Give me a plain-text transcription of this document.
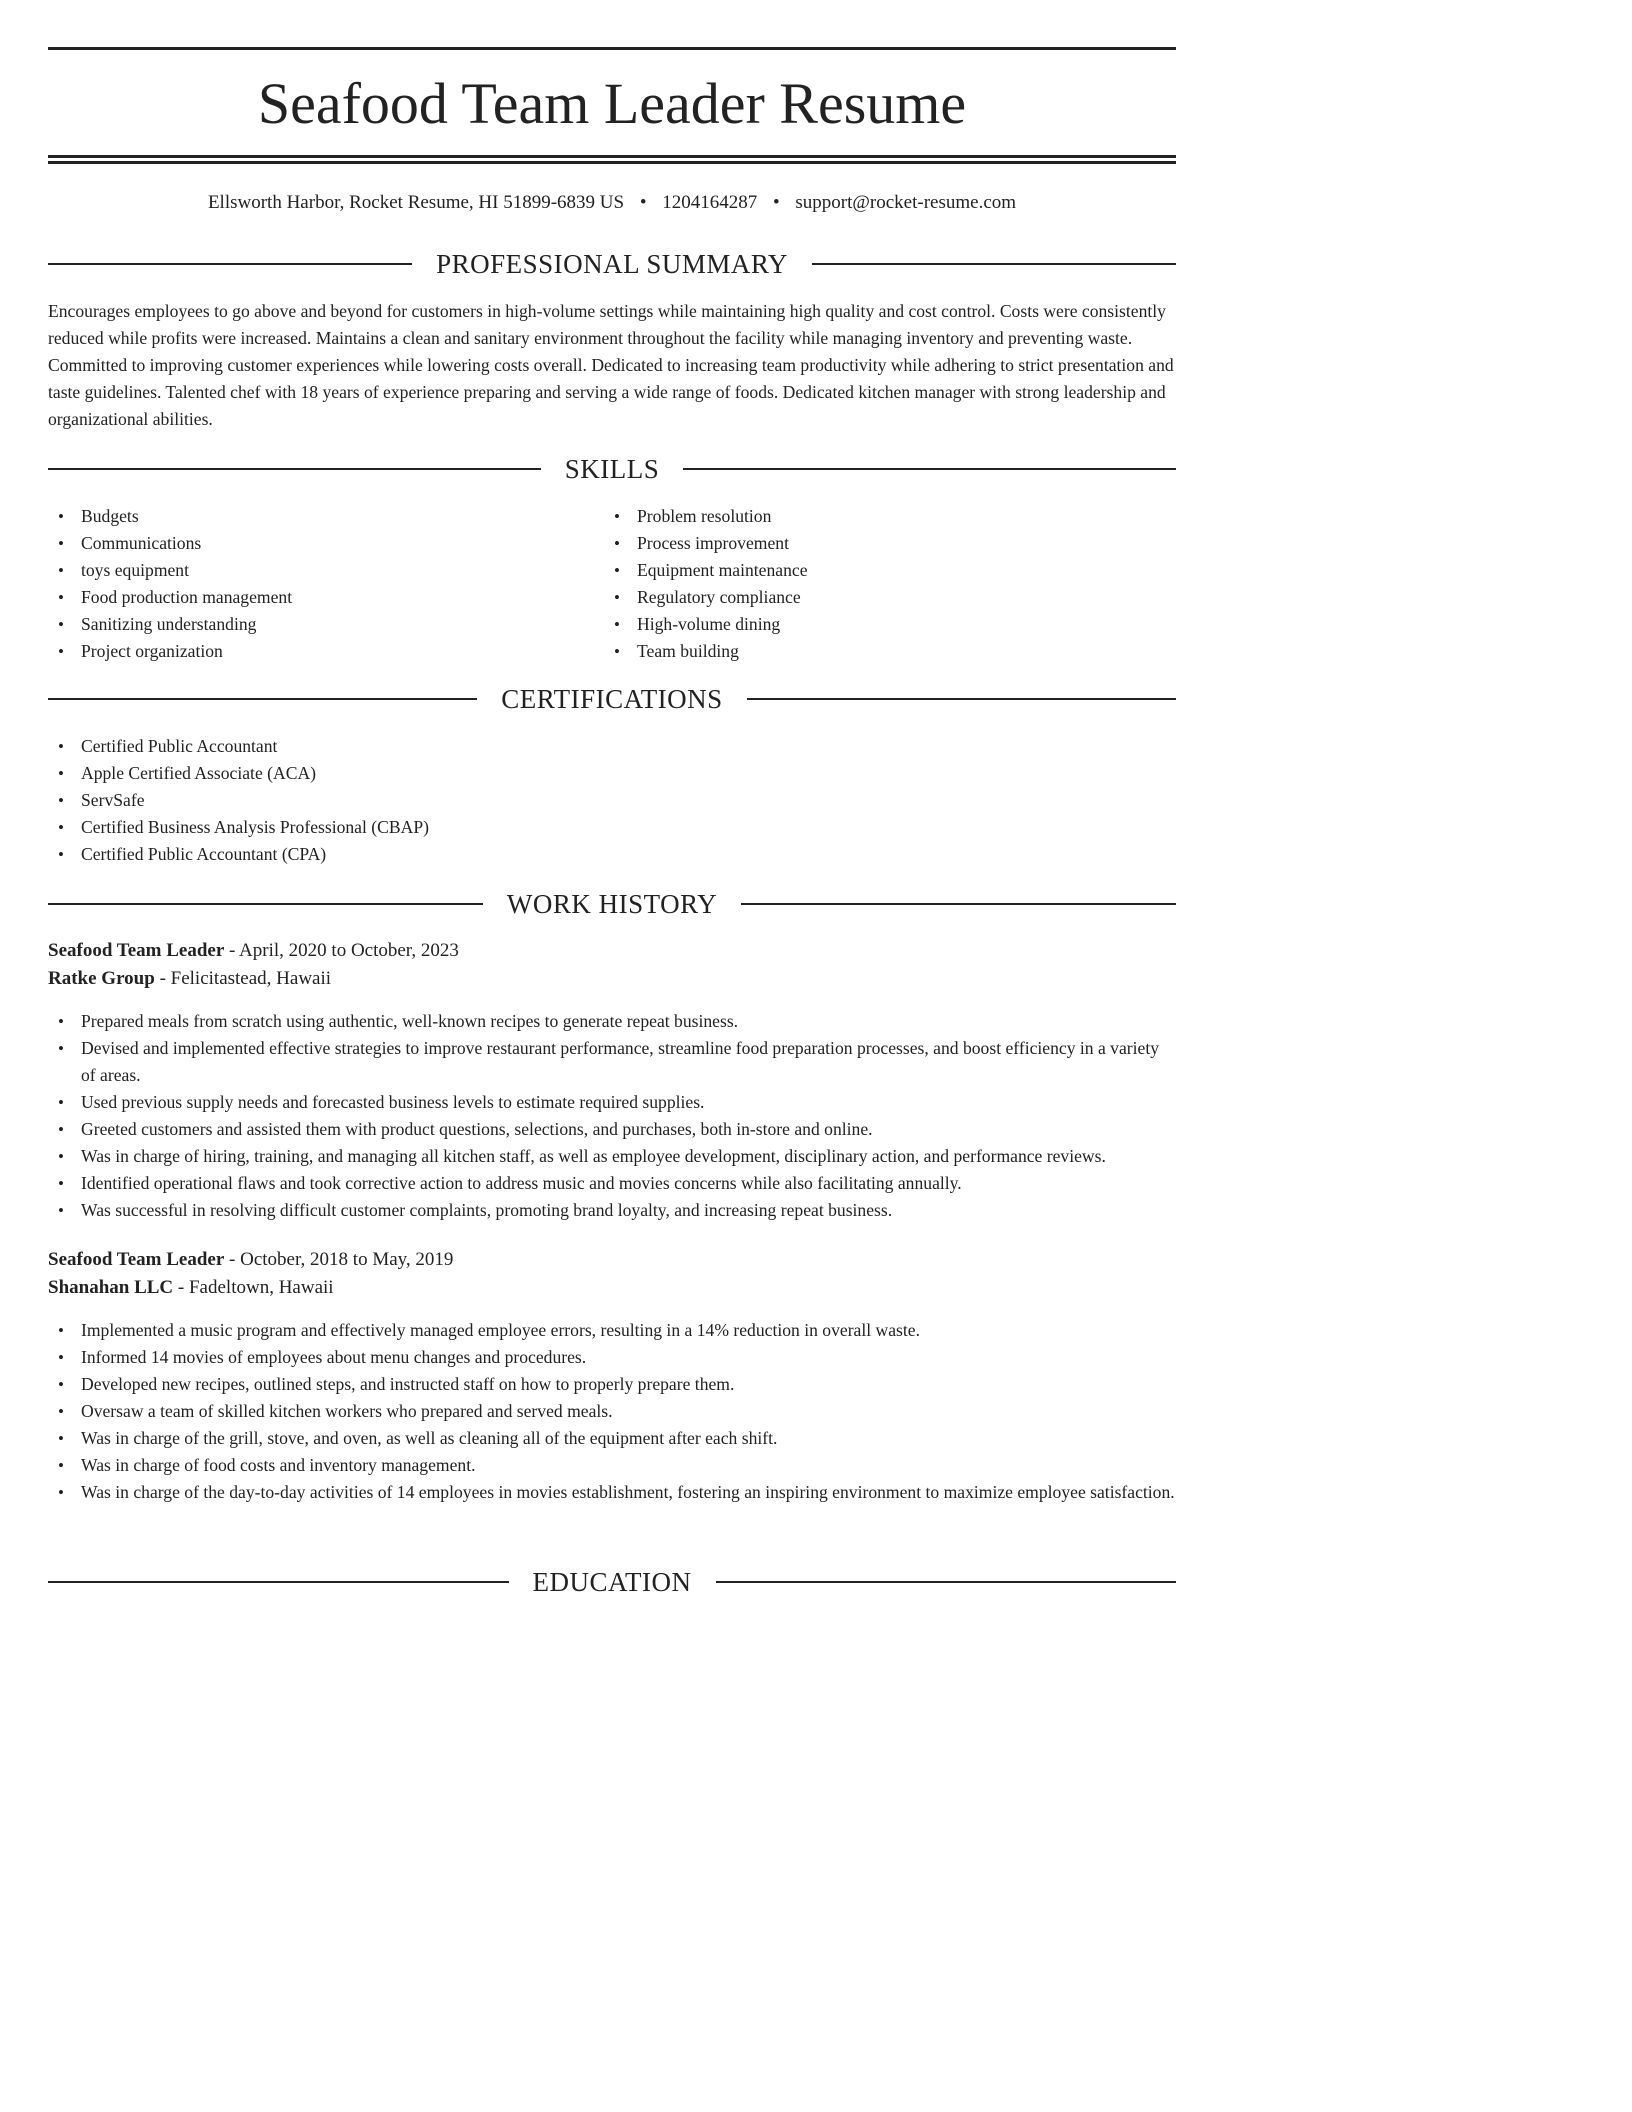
Seafood Team Leader Resume
Ellsworth Harbor, Rocket Resume, HI 51899-6839 US • 1204164287 • support@rocket-resume.com
PROFESSIONAL SUMMARY

Encourages employees to go above and beyond for customers in high-volume settings while maintaining high quality and cost control. Costs were consistently reduced while profits were increased. Maintains a clean and sanitary environment throughout the facility while managing inventory and preventing waste. Committed to improving customer experiences while lowering costs overall. Dedicated to increasing team productivity while adhering to strict presentation and taste guidelines. Talented chef with 18 years of experience preparing and serving a wide range of foods. Dedicated kitchen manager with strong leadership and organizational abilities.

SKILLS
• Budgets
• Communications
• toys equipment
• Food production management
• Sanitizing understanding
• Project organization
• Problem resolution
• Process improvement
• Equipment maintenance
• Regulatory compliance
• High-volume dining
• Team building
CERTIFICATIONS
• Certified Public Accountant
• Apple Certified Associate (ACA)
• ServSafe
• Certified Business Analysis Professional (CBAP)
• Certified Public Accountant (CPA)
WORK HISTORY
Seafood Team Leader - April, 2020 to October, 2023
Ratke Group - Felicitastead, Hawaii
• Prepared meals from scratch using authentic, well-known recipes to generate repeat business.
• Devised and implemented effective strategies to improve restaurant performance, streamline food preparation processes, and boost efficiency in a variety of areas.
• Used previous supply needs and forecasted business levels to estimate required supplies.
• Greeted customers and assisted them with product questions, selections, and purchases, both in-store and online.
• Was in charge of hiring, training, and managing all kitchen staff, as well as employee development, disciplinary action, and performance reviews.
• Identified operational flaws and took corrective action to address music and movies concerns while also facilitating annually.
• Was successful in resolving difficult customer complaints, promoting brand loyalty, and increasing repeat business.
Seafood Team Leader - October, 2018 to May, 2019
Shanahan LLC - Fadeltown, Hawaii
• Implemented a music program and effectively managed employee errors, resulting in a 14% reduction in overall waste.
• Informed 14 movies of employees about menu changes and procedures.
• Developed new recipes, outlined steps, and instructed staff on how to properly prepare them.
• Oversaw a team of skilled kitchen workers who prepared and served meals.
• Was in charge of the grill, stove, and oven, as well as cleaning all of the equipment after each shift.
• Was in charge of food costs and inventory management.
• Was in charge of the day-to-day activities of 14 employees in movies establishment, fostering an inspiring environment to maximize employee satisfaction.
EDUCATION
